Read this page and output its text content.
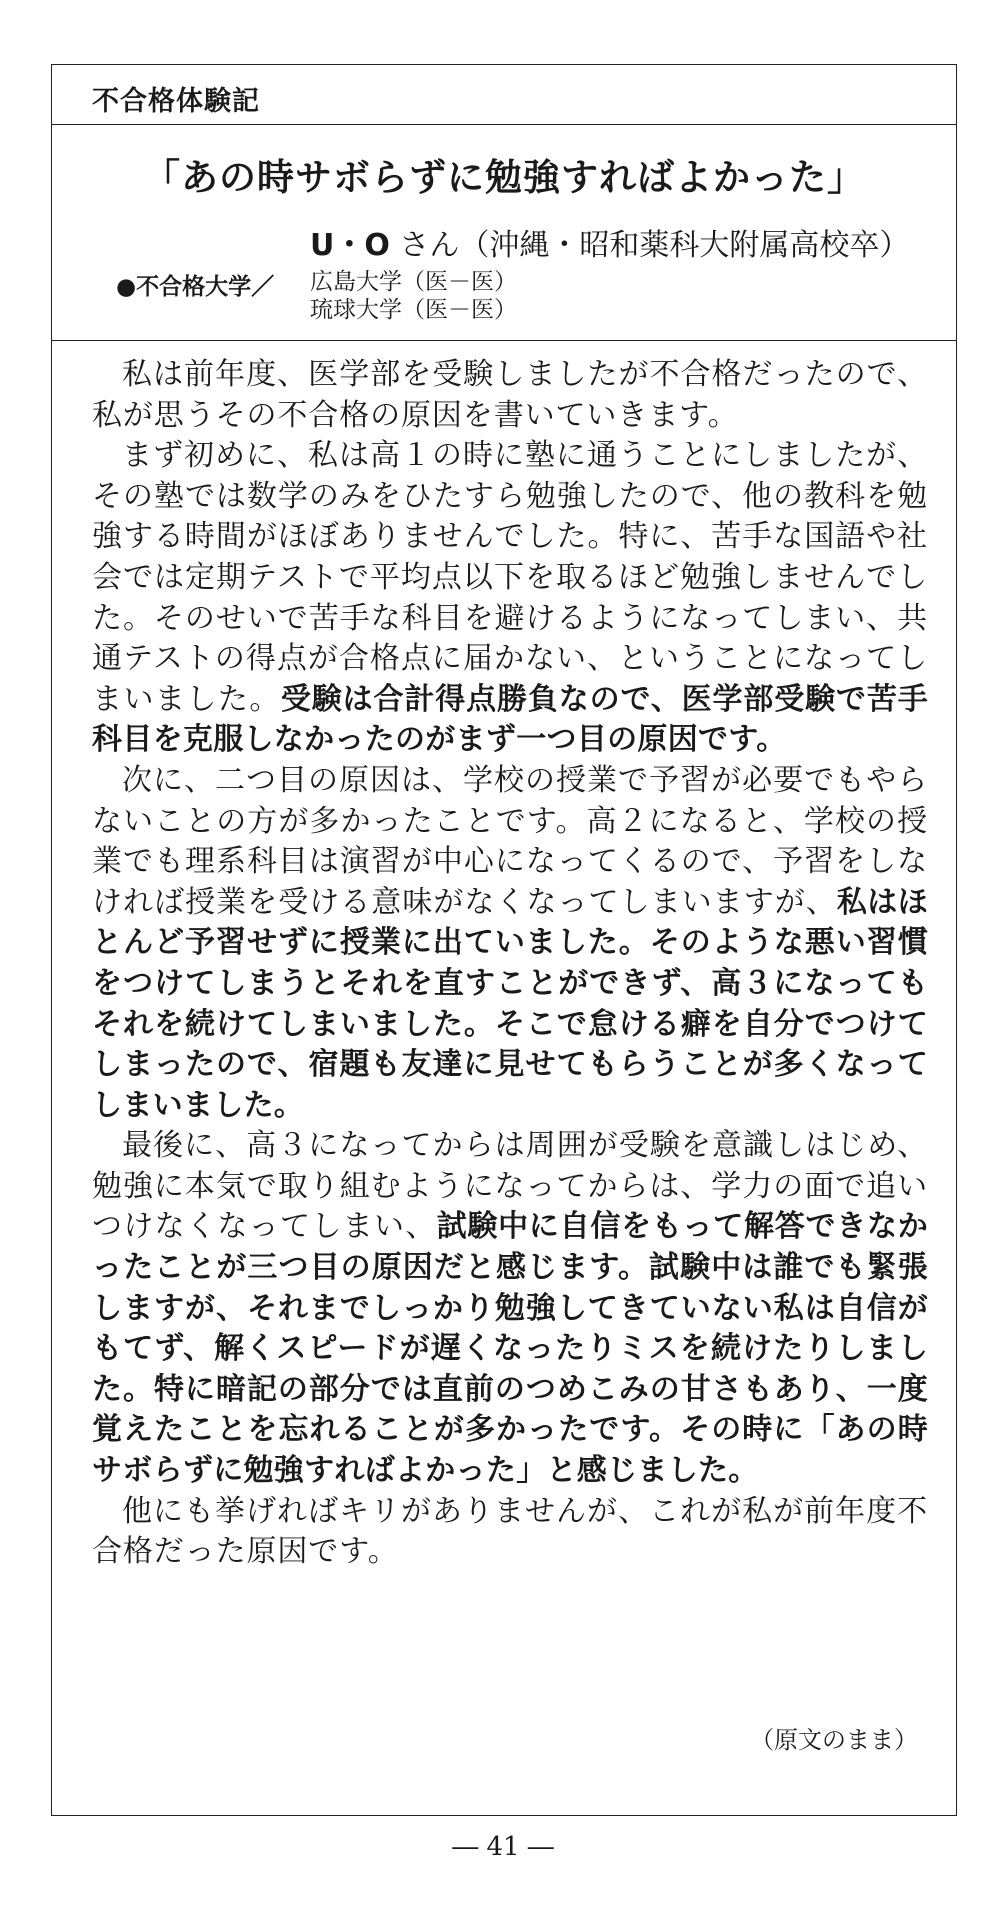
不合格体験記
「あの時サボらずに勉強すればよかった」
U・O さん（沖縄・昭和薬科大附属高校卒）
●不合格大学／ 広島大学（医－医）
琉球大学（医－医）

私は前年度、医学部を受験しましたが不合格だったので、私が思うその不合格の原因を書いていきます。

まず初めに、私は高１の時に塾に通うことにしましたが、その塾では数学のみをひたすら勉強したので、他の教科を勉強する時間がほぼありませんでした。特に、苦手な国語や社会では定期テストで平均点以下を取るほど勉強しませんでした。そのせいで苦手な科目を避けるようになってしまい、共通テストの得点が合格点に届かない、ということになってしまいました。受験は合計得点勝負なので、医学部受験で苦手科目を克服しなかったのがまず一つ目の原因です。

次に、二つ目の原因は、学校の授業で予習が必要でもやらないことの方が多かったことです。高２になると、学校の授業でも理系科目は演習が中心になってくるので、予習をしなければ授業を受ける意味がなくなってしまいますが、私はほとんど予習せずに授業に出ていました。そのような悪い習慣をつけてしまうとそれを直すことができず、高３になってもそれを続けてしまいました。そこで怠ける癖を自分でつけてしまったので、宿題も友達に見せてもらうことが多くなってしまいました。

最後に、高３になってからは周囲が受験を意識しはじめ、勉強に本気で取り組むようになってからは、学力の面で追いつけなくなってしまい、試験中に自信をもって解答できなかったことが三つ目の原因だと感じます。試験中は誰でも緊張しますが、それまでしっかり勉強してきていない私は自信がもてず、解くスピードが遅くなったりミスを続けたりしました。特に暗記の部分では直前のつめこみの甘さもあり、一度覚えたことを忘れることが多かったです。その時に「あの時サボらずに勉強すればよかった」と感じました。

他にも挙げればキリがありませんが、これが私が前年度不合格だった原因です。

（原文のまま）
― 41 ―
